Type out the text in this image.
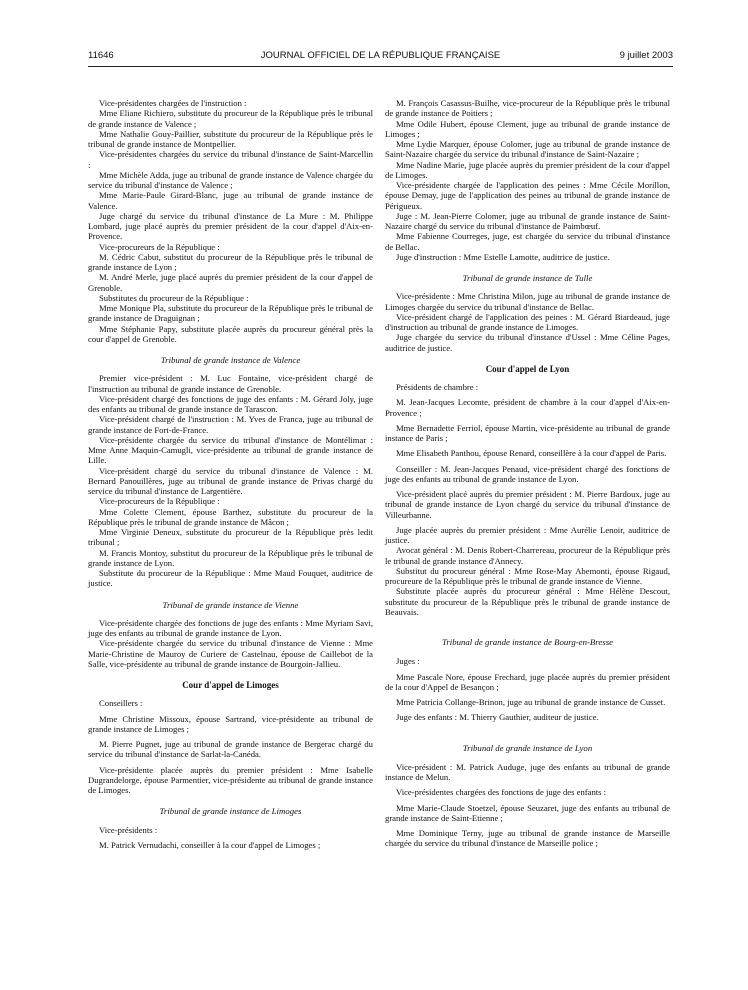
11646	JOURNAL OFFICIEL DE LA RÉPUBLIQUE FRANÇAISE	9 juillet 2003

Vice-présidentes chargées de l'instruction :

Mme Eliane Richiero, substitute du procureur de la République près le tribunal de grande instance de Valence ;

Mme Nathalie Gouy-Paillier, substitute du procureur de la République près le tribunal de grande instance de Montpellier.

Vice-présidentes chargées du service du tribunal d'instance de Saint-Marcellin :

Mme Michèle Adda, juge au tribunal de grande instance de Valence chargée du service du tribunal d'instance de Valence ;

Mme Marie-Paule Girard-Blanc, juge au tribunal de grande instance de Valence.

Juge chargé du service du tribunal d'instance de La Mure : M. Philippe Lombard, juge placé auprès du premier président de la cour d'appel d'Aix-en-Provence.

Vice-procureurs de la République :

M. Cédric Cabut, substitut du procureur de la République près le tribunal de grande instance de Lyon ;

M. André Merle, juge placé auprès du premier président de la cour d'appel de Grenoble.

Substitutes du procureur de la République :

Mme Monique Pla, substitute du procureur de la République près le tribunal de grande instance de Draguignan ;

Mme Stéphanie Papy, substitute placée auprès du procureur général près la cour d'appel de Grenoble.

Tribunal de grande instance de Valence

Premier vice-président : M. Luc Fontaine, vice-président chargé de l'instruction au tribunal de grande instance de Grenoble.

Vice-président chargé des fonctions de juge des enfants : M. Gérard Joly, juge des enfants au tribunal de grande instance de Tarascon.

Vice-président chargé de l'instruction : M. Yves de Franca, juge au tribunal de grande instance de Fort-de-France.

Vice-présidente chargée du service du tribunal d'instance de Montélimar : Mme Anne Maquin-Camugli, vice-présidente au tribunal de grande instance de Lille.

Vice-président chargé du service du tribunal d'instance de Valence : M. Bernard Panouillères, juge au tribunal de grande instance de Privas chargé du service du tribunal d'instance de Largentière.

Vice-procureurs de la République :

Mme Colette Clement, épouse Barthez, substitute du procureur de la République près le tribunal de grande instance de Mâcon ;

Mme Virginie Deneux, substitute du procureur de la République près ledit tribunal ;

M. Francis Montoy, substitut du procureur de la République près le tribunal de grande instance de Lyon.

Substitute du procureur de la République : Mme Maud Fouquet, auditrice de justice.

Tribunal de grande instance de Vienne

Vice-présidente chargée des fonctions de juge des enfants : Mme Myriam Savi, juge des enfants au tribunal de grande instance de Lyon.

Vice-présidente chargée du service du tribunal d'instance de Vienne : Mme Marie-Christine de Mauroy de Curiere de Castelnau, épouse de Caillebot de la Salle, vice-présidente au tribunal de grande instance de Bourgoin-Jallieu.

Cour d'appel de Limoges

Conseillers :

Mme Christine Missoux, épouse Sartrand, vice-présidente au tribunal de grande instance de Limoges ;

M. Pierre Pugnet, juge au tribunal de grande instance de Bergerac chargé du service du tribunal d'instance de Sarlat-la-Canéda.

Vice-présidente placée auprès du premier président : Mme Isabelle Dugrandelorge, épouse Parmentier, vice-présidente au tribunal de grande instance de Limoges.

Tribunal de grande instance de Limoges

Vice-présidents :

M. Patrick Vernudachi, conseiller à la cour d'appel de Limoges ;

M. François Casassus-Builhe, vice-procureur de la République près le tribunal de grande instance de Poitiers ;

Mme Odile Hubert, épouse Clement, juge au tribunal de grande instance de Limoges ;

Mme Lydie Marquer, épouse Colomer, juge au tribunal de grande instance de Saint-Nazaire chargée du service du tribunal d'instance de Saint-Nazaire ;

Mme Nadine Marie, juge placée auprès du premier président de la cour d'appel de Limoges.

Vice-présidente chargée de l'application des peines : Mme Cécile Morillon, épouse Demay, juge de l'application des peines au tribunal de grande instance de Périgueux.

Juge : M. Jean-Pierre Colomer, juge au tribunal de grande instance de Saint-Nazaire chargé du service du tribunal d'instance de Paimbœuf.

Mme Fabienne Courreges, juge, est chargée du service du tribunal d'instance de Bellac.

Juge d'instruction : Mme Estelle Lamotte, auditrice de justice.

Tribunal de grande instance de Tulle

Vice-présidente : Mme Christina Milon, juge au tribunal de grande instance de Limoges chargée du service du tribunal d'instance de Bellac.

Vice-président chargé de l'application des peines : M. Gérard Biardeaud, juge d'instruction au tribunal de grande instance de Limoges.

Juge chargée du service du tribunal d'instance d'Ussel : Mme Céline Pages, auditrice de justice.

Cour d'appel de Lyon

Présidents de chambre :

M. Jean-Jacques Lecomte, président de chambre à la cour d'appel d'Aix-en-Provence ;

Mme Bernadette Ferriol, épouse Martin, vice-présidente au tribunal de grande instance de Paris ;

Mme Elisabeth Panthou, épouse Renard, conseillère à la cour d'appel de Paris.

Conseiller : M. Jean-Jacques Penaud, vice-président chargé des fonctions de juge des enfants au tribunal de grande instance de Lyon.

Vice-président placé auprès du premier président : M. Pierre Bardoux, juge au tribunal de grande instance de Lyon chargé du service du tribunal d'instance de Villeurbanne.

Juge placée auprès du premier président : Mme Aurélie Lenoir, auditrice de justice.

Avocat général : M. Denis Robert-Charrereau, procureur de la République près le tribunal de grande instance d'Annecy.

Substitut du procureur général : Mme Rose-May Abemonti, épouse Rigaud, procureure de la République près le tribunal de grande instance de Vienne.

Substitute placée auprès du procureur général : Mme Hélène Descout, substitute du procureur de la République près le tribunal de grande instance de Beauvais.

Tribunal de grande instance de Bourg-en-Bresse

Juges :

Mme Pascale Nore, épouse Frechard, juge placée auprès du premier président de la cour d'Appel de Besançon ;

Mme Patricia Collange-Brinon, juge au tribunal de grande instance de Cusset.

Juge des enfants : M. Thierry Gauthier, auditeur de justice.

Tribunal de grande instance de Lyon

Vice-président : M. Patrick Auduge, juge des enfants au tribunal de grande instance de Melun.

Vice-présidentes chargées des fonctions de juge des enfants :

Mme Marie-Claude Stoetzel, épouse Seuzaret, juge des enfants au tribunal de grande instance de Saint-Etienne ;

Mme Dominique Terny, juge au tribunal de grande instance de Marseille chargée du service du tribunal d'instance de Marseille police ;
